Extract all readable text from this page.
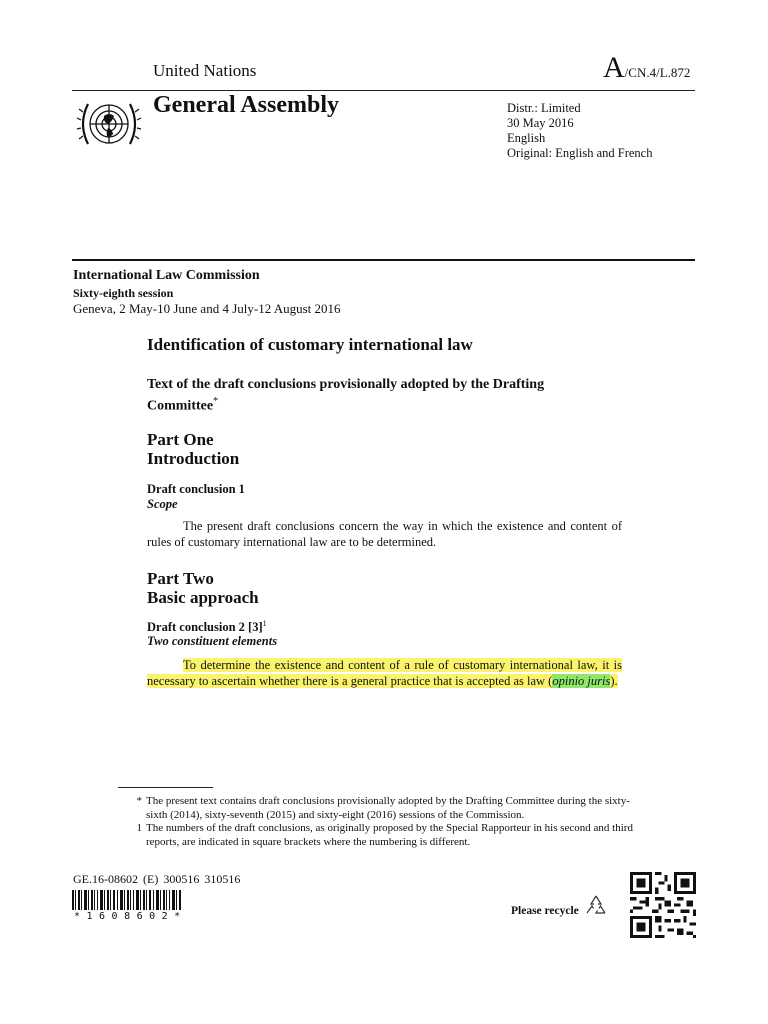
United Nations	A/CN.4/L.872
General Assembly	Distr.: Limited
30 May 2016
English
Original: English and French
International Law Commission
Sixty-eighth session
Geneva, 2 May-10 June and 4 July-12 August 2016
Identification of customary international law
Text of the draft conclusions provisionally adopted by the Drafting Committee*
Part One
Introduction
Draft conclusion 1
Scope
The present draft conclusions concern the way in which the existence and content of rules of customary international law are to be determined.
Part Two
Basic approach
Draft conclusion 2 $[3]^1$
Two constituent elements
To determine the existence and content of a rule of customary international law, it is necessary to ascertain whether there is a general practice that is accepted as law (opinio juris).
* The present text contains draft conclusions provisionally adopted by the Drafting Committee during the sixty-sixth (2014), sixty-seventh (2015) and sixty-eight (2016) sessions of the Commission.
1 The numbers of the draft conclusions, as originally proposed by the Special Rapporteur in his second and third reports, are indicated in square brackets where the numbering is different.
GE.16-08602 (E) 300516 310516
*1608602*	Please recycle
